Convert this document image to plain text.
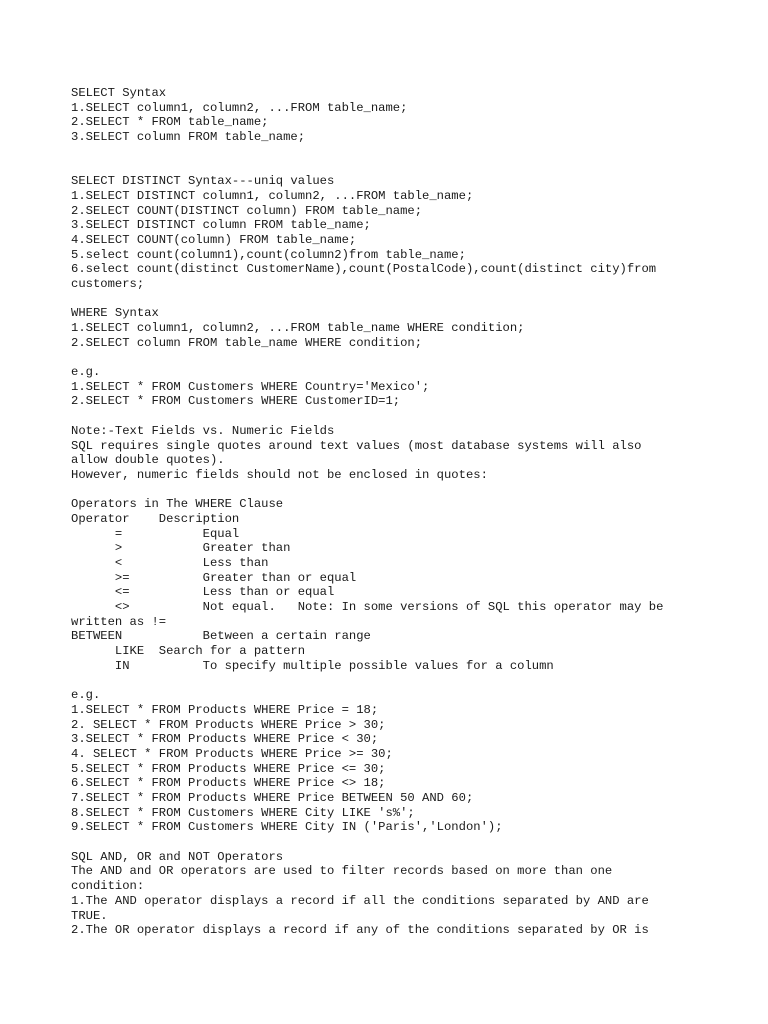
SELECT Syntax
1.SELECT column1, column2, ...FROM table_name;
2.SELECT * FROM table_name;
3.SELECT column FROM table_name;
SELECT DISTINCT Syntax---uniq values
1.SELECT DISTINCT column1, column2, ...FROM table_name;
2.SELECT COUNT(DISTINCT column) FROM table_name;
3.SELECT DISTINCT column FROM table_name;
4.SELECT COUNT(column) FROM table_name;
5.select count(column1),count(column2)from table_name;
6.select count(distinct CustomerName),count(PostalCode),count(distinct city)from
customers;
WHERE Syntax
1.SELECT column1, column2, ...FROM table_name WHERE condition;
2.SELECT column FROM table_name WHERE condition;
e.g.
1.SELECT * FROM Customers WHERE Country='Mexico';
2.SELECT * FROM Customers WHERE CustomerID=1;
Note:-Text Fields vs. Numeric Fields
SQL requires single quotes around text values (most database systems will also
allow double quotes).
However, numeric fields should not be enclosed in quotes:
Operators in The WHERE Clause
Operator    Description
=           Equal
>           Greater than
<           Less than
>=          Greater than or equal
<=          Less than or equal
<>          Not equal.   Note: In some versions of SQL this operator may be
written as !=
BETWEEN           Between a certain range
LIKE  Search for a pattern
IN          To specify multiple possible values for a column
e.g.
1.SELECT * FROM Products WHERE Price = 18;
2. SELECT * FROM Products WHERE Price > 30;
3.SELECT * FROM Products WHERE Price < 30;
4. SELECT * FROM Products WHERE Price >= 30;
5.SELECT * FROM Products WHERE Price <= 30;
6.SELECT * FROM Products WHERE Price <> 18;
7.SELECT * FROM Products WHERE Price BETWEEN 50 AND 60;
8.SELECT * FROM Customers WHERE City LIKE 's%';
9.SELECT * FROM Customers WHERE City IN ('Paris','London');
SQL AND, OR and NOT Operators
The AND and OR operators are used to filter records based on more than one
condition:
1.The AND operator displays a record if all the conditions separated by AND are
TRUE.
2.The OR operator displays a record if any of the conditions separated by OR is
